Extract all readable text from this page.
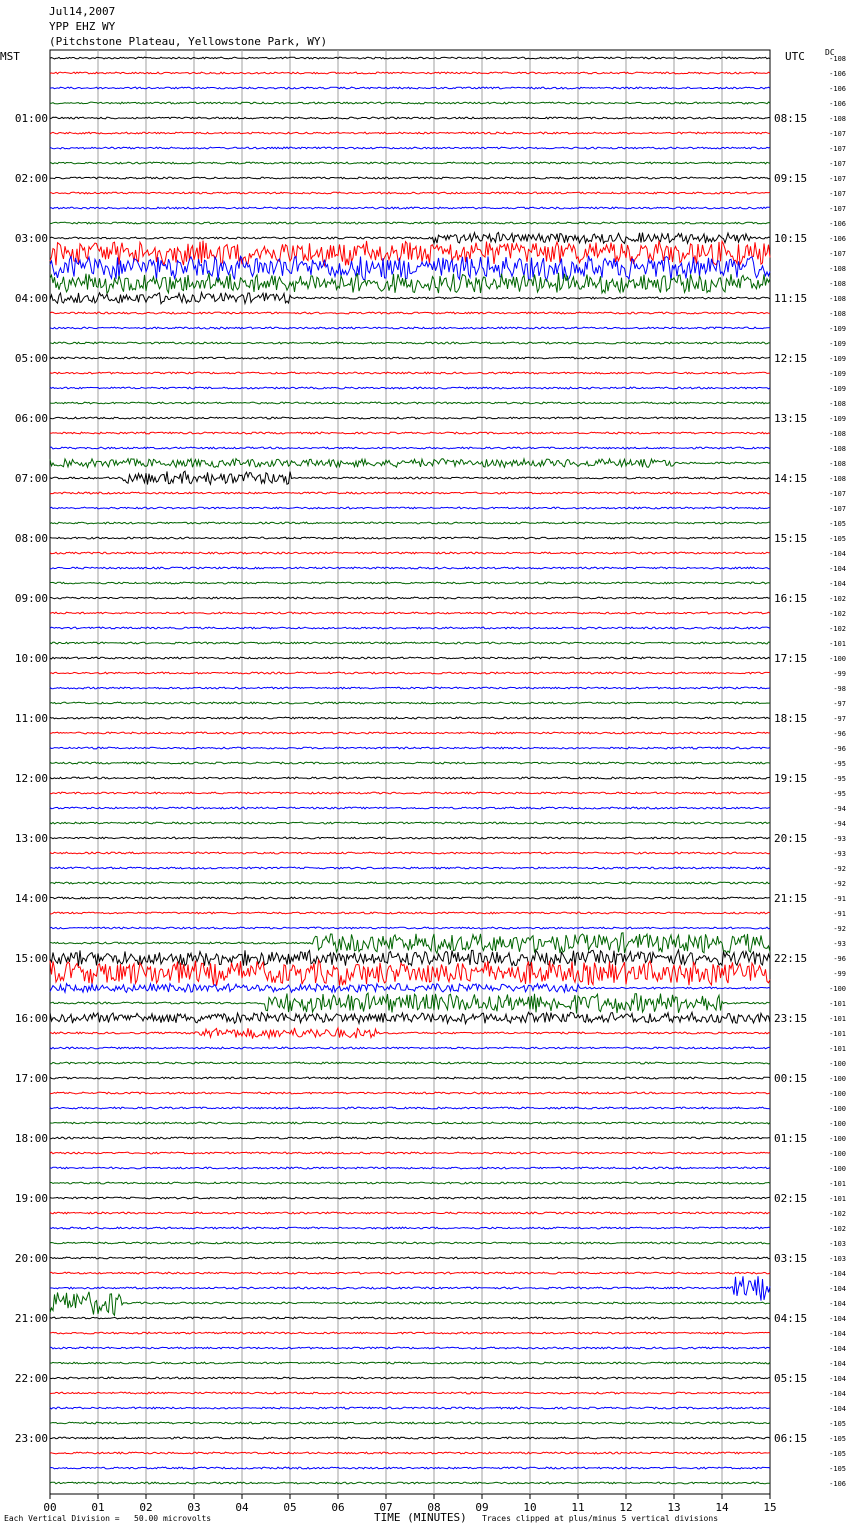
Jul14,2007
YPP EHZ WY
(Pitchstone Plateau, Yellowstone Park, WY)
MST	UTC	DC
00	01	02	03	04	05	06	07	08	09	10	11	12	13	14	15
-108
-106
-106
-106
-108
-107
-107
-107
-107
-107
-107
-106
-106
-107
-108
-108
-108
-108
-109
-109
-109
-109
-109
-108
-109
-108
-108
-108
-108
-107
-107
-105
-105
-104
-104
-104
-102
-102
-102
-101
-100
-99
-98
-97
-97
-96
-96
-95
-95
-95
-94
-94
-93
-93
-92
-92
-91
-91
-92
-93
-96
-99
-100
-101
-101
-101
-101
-100
-100
-100
-100
-100
-100
-100
-100
-101
-101
-102
-102
-103
-103
-104
-104
-104
-104
-104
-104
-104
-104
-104
-104
-105
-105
-105
-105
-106
01:00
02:00
03:00
04:00
05:00
06:00
07:00
08:00
09:00
10:00
11:00
12:00
13:00
14:00
15:00
16:00
17:00
18:00
19:00
20:00
21:00
22:00
23:00
08:15
09:15
10:15
11:15
12:15
13:15
14:15
15:15
16:15
17:15
18:15
19:15
20:15
21:15
22:15
23:15
00:15
01:15
02:15
03:15
04:15
05:15
06:15
Each Vertical Division =   50.00 microvolts	TIME (MINUTES) Traces clipped at plus/minus 5 vertical divisions
